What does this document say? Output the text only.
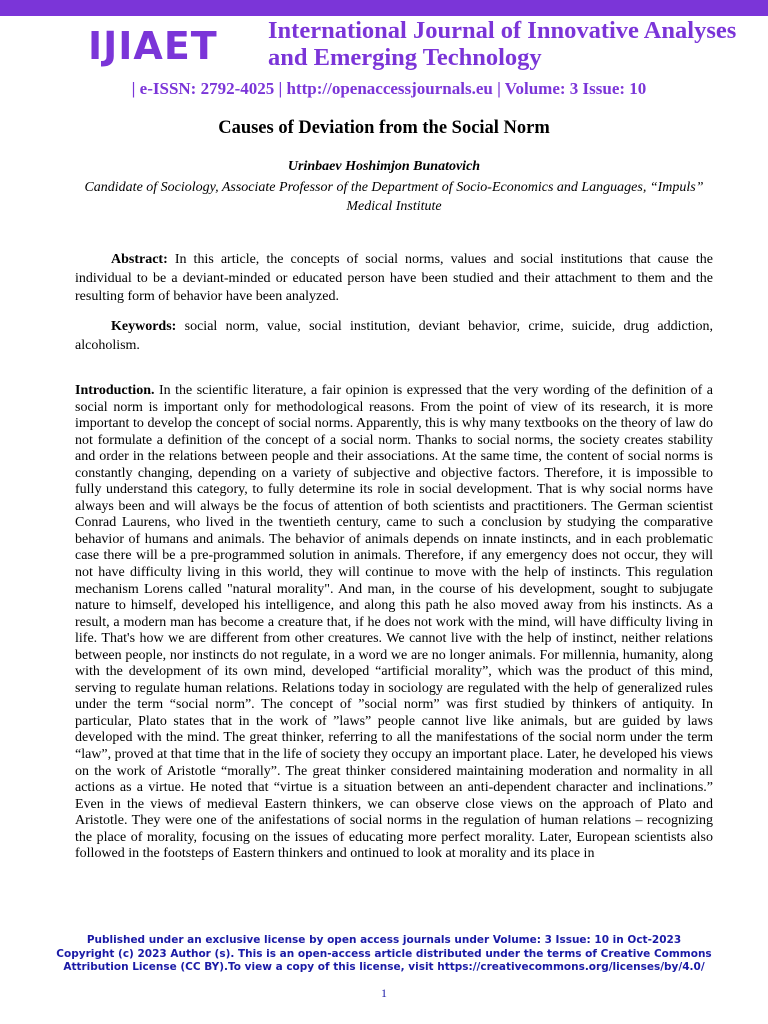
IJIAET International Journal of Innovative Analyses and Emerging Technology
| e-ISSN: 2792-4025 | http://openaccessjournals.eu | Volume: 3 Issue: 10
Causes of Deviation from the Social Norm
Urinbaev Hoshimjon Bunatovich
Candidate of Sociology, Associate Professor of the Department of Socio-Economics and Languages, “Impuls” Medical Institute
Abstract: In this article, the concepts of social norms, values and social institutions that cause the individual to be a deviant-minded or educated person have been studied and their attachment to them and the resulting form of behavior have been analyzed.
Keywords: social norm, value, social institution, deviant behavior, crime, suicide, drug addiction, alcoholism.
Introduction. In the scientific literature, a fair opinion is expressed that the very wording of the definition of a social norm is important only for methodological reasons. From the point of view of its research, it is more important to develop the concept of social norms. Apparently, this is why many textbooks on the theory of law do not formulate a definition of the concept of a social norm. Thanks to social norms, the society creates stability and order in the relations between people and their associations. At the same time, the content of social norms is constantly changing, depending on a variety of subjective and objective factors. Therefore, it is impossible to fully understand this category, to fully determine its role in social development. That is why social norms have always been and will always be the focus of attention of both scientists and practitioners. The German scientist Conrad Laurens, who lived in the twentieth century, came to such a conclusion by studying the comparative behavior of humans and animals. The behavior of animals depends on innate instincts, and in each problematic case there will be a pre-programmed solution in animals. Therefore, if any emergency does not occur, they will not have difficulty living in this world, they will continue to move with the help of instincts. This regulation mechanism Lorens called "natural morality". And man, in the course of his development, sought to subjugate nature to himself, developed his intelligence, and along this path he also moved away from his instincts. As a result, a modern man has become a creature that, if he does not work with the mind, will have difficulty living in life. That's how we are different from other creatures. We cannot live with the help of instinct, neither relations between people, nor instincts do not regulate, in a word we are no longer animals. For millennia, humanity, along with the development of its own mind, developed “artificial morality”, which was the product of this mind, serving to regulate human relations. Relations today in sociology are regulated with the help of generalized rules under the term “social norm”. The concept of ”social norm” was first studied by thinkers of antiquity. In particular, Plato states that in the work of ”laws” people cannot live like animals, but are guided by laws developed with the mind. The great thinker, referring to all the manifestations of the social norm under the term “law”, proved at that time that in the life of society they occupy an important place. Later, he developed his views on the work of Aristotle “morally”. The great thinker considered maintaining moderation and normality in all actions as a virtue. He noted that “virtue is a situation between an anti-dependent character and inclinations.” Even in the views of medieval Eastern thinkers, we can observe close views on the approach of Plato and Aristotle. They were one of the anifestations of social norms in the regulation of human relations – recognizing the place of morality, focusing on the issues of educating more perfect morality. Later, European scientists also followed in the footsteps of Eastern thinkers and ontinued to look at morality and its place in
Published under an exclusive license by open access journals under Volume: 3 Issue: 10 in Oct-2023
Copyright (c) 2023 Author (s). This is an open-access article distributed under the terms of Creative Commons Attribution License (CC BY).To view a copy of this license, visit https://creativecommons.org/licenses/by/4.0/
1
